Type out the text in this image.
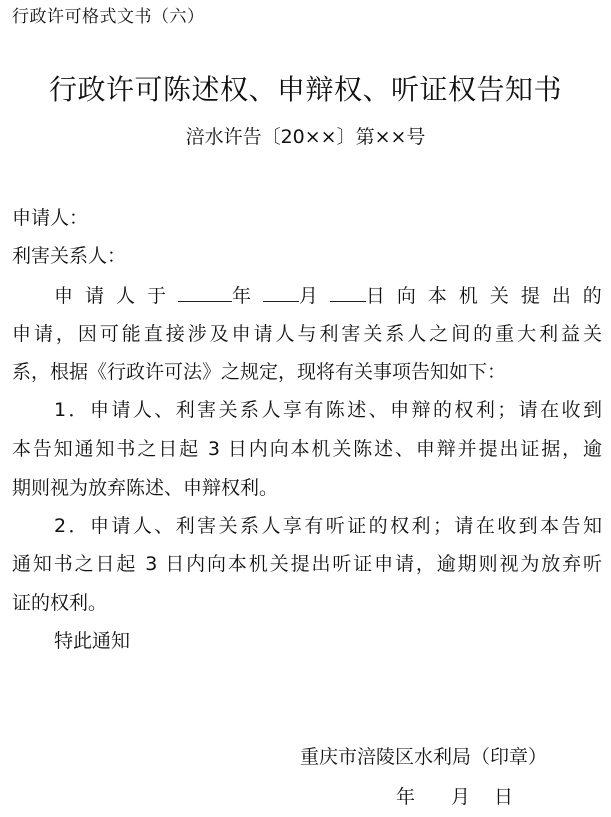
行政许可格式文书（六）
行政许可陈述权、申辩权、听证权告知书
涪水许告〔20××〕第××号
申请人：
利害关系人：
申 请 人 于	年	月	日 向 本 机 关 提 出 的
申请，因可能直接涉及申请人与利害关系人之间的重大利益关
系，根据《行政许可法》之规定，现将有关事项告知如下：
1．申请人、利害关系人享有陈述、申辩的权利；请在收到
本告知通知书之日起 3 日内向本机关陈述、申辩并提出证据，逾
期则视为放弃陈述、申辩权利。
2．申请人、利害关系人享有听证的权利；请在收到本告知
通知书之日起 3 日内向本机关提出听证申请，逾期则视为放弃听
证的权利。
特此通知
重庆市涪陵区水利局（印章）
年 月 日
